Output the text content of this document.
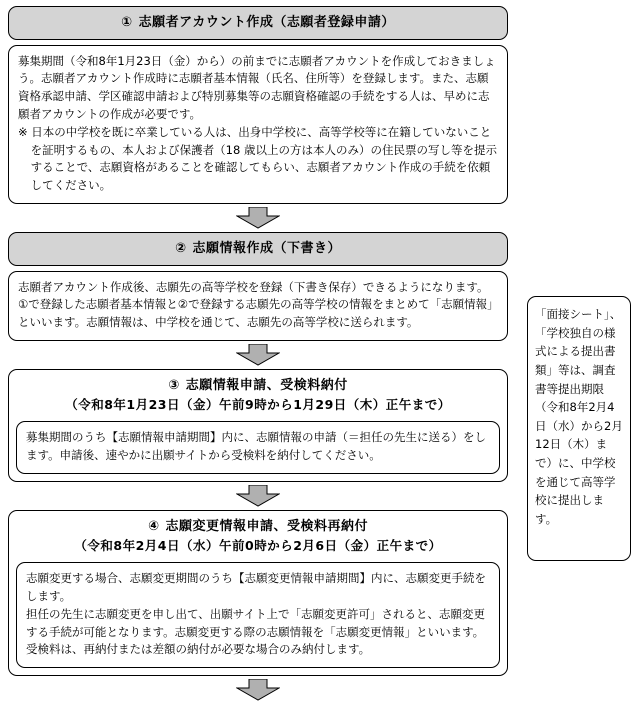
① 志願者アカウント作成（志願者登録申請）

募集期間（令和8年1月23日（金）から）の前までに志願者アカウントを作成しておきましょう。志願者アカウント作成時に志願者基本情報（氏名、住所等）を登録します。また、志願資格承認申請、学区確認申請および特別募集等の志願資格確認の手続をする人は、早めに志願者アカウントの作成が必要です。

※ 日本の中学校を既に卒業している人は、出身中学校に、高等学校等に在籍していないことを証明するもの、本人および保護者（18 歳以上の方は本人のみ）の住民票の写し等を提示することで、志願資格があることを確認してもらい、志願者アカウント作成の手続を依頼してください。

② 志願情報作成（下書き）

志願者アカウント作成後、志願先の高等学校を登録（下書き保存）できるようになります。①で登録した志願者基本情報と②で登録する志願先の高等学校の情報をまとめて「志願情報」といいます。志願情報は、中学校を通じて、志願先の高等学校に送られます。

③ 志願情報申請、受検料納付
（令和8年1月23日（金）午前9時から1月29日（木）正午まで）

募集期間のうち【志願情報申請期間】内に、志願情報の申請（＝担任の先生に送る）をします。申請後、速やかに出願サイトから受検料を納付してください。

④ 志願変更情報申請、受検料再納付
（令和8年2月4日（水）午前0時から2月6日（金）正午まで）

志願変更する場合、志願変更期間のうち【志願変更情報申請期間】内に、志願変更手続をします。

担任の先生に志願変更を申し出て、出願サイト上で「志願変更許可」されると、志願変更する手続が可能となります。志願変更する際の志願情報を「志願変更情報」といいます。

受検料は、再納付または差額の納付が必要な場合のみ納付します。

「面接シート」、「学校独自の様式による提出書類」等は、調査書等提出期限（令和8年2月4日（水）から2月12日（木）まで）に、中学校を通じて高等学校に提出します。
